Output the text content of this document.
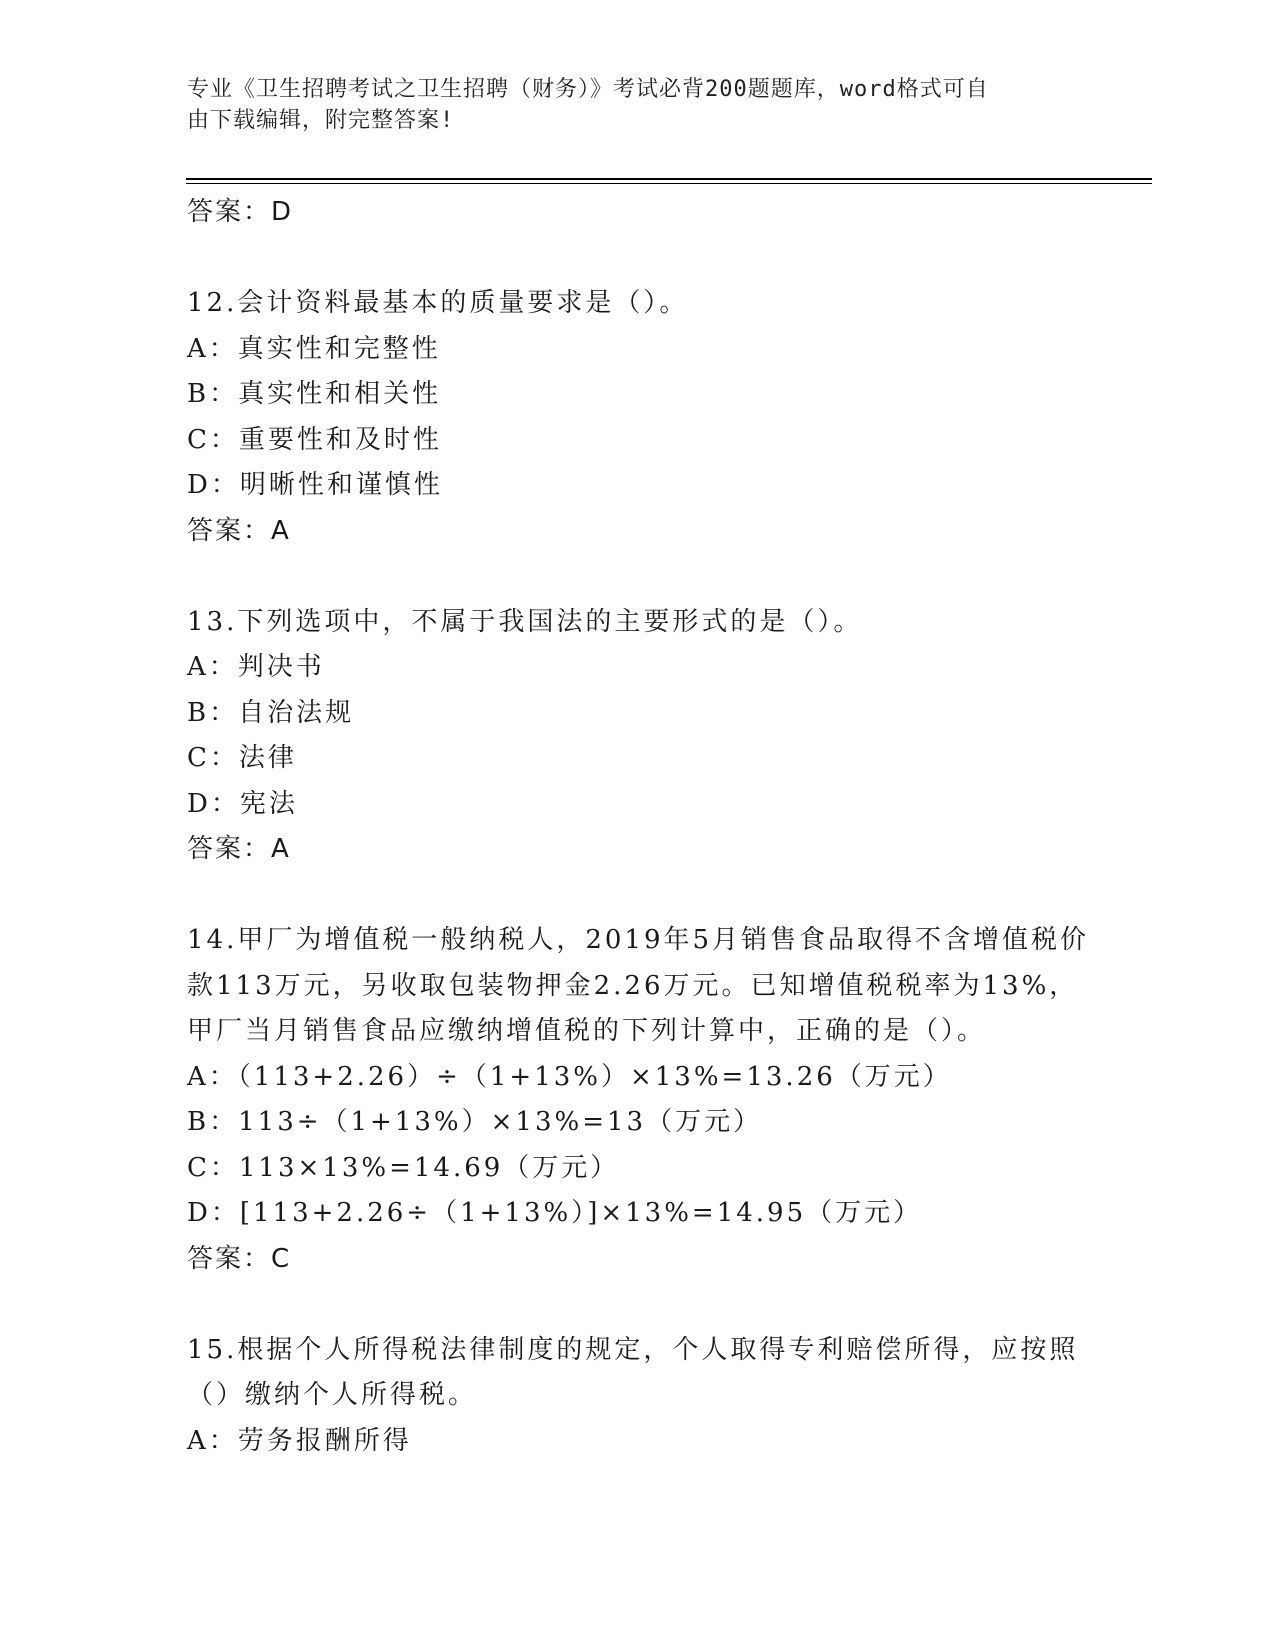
专业《卫生招聘考试之卫生招聘（财务）》考试必背200题题库，word格式可自
由下载编辑，附完整答案!
答案：D
12.会计资料最基本的质量要求是（）。
A：真实性和完整性
B：真实性和相关性
C：重要性和及时性
D：明晰性和谨慎性
答案：A
13.下列选项中，不属于我国法的主要形式的是（）。
A：判决书
B：自治法规
C：法律
D：宪法
答案：A
14.甲厂为增值税一般纳税人，2019年5月销售食品取得不含增值税价
款113万元，另收取包装物押金2.26万元。已知增值税税率为13%，
甲厂当月销售食品应缴纳增值税的下列计算中，正确的是（）。
A：（113+2.26）÷（1+13%）×13%=13.26（万元）
B：113÷（1+13%）×13%=13（万元）
C：113×13%=14.69（万元）
D：[113+2.26÷（1+13%）]×13%=14.95（万元）
答案：C
15.根据个人所得税法律制度的规定，个人取得专利赔偿所得，应按照
（）缴纳个人所得税。
A：劳务报酬所得
